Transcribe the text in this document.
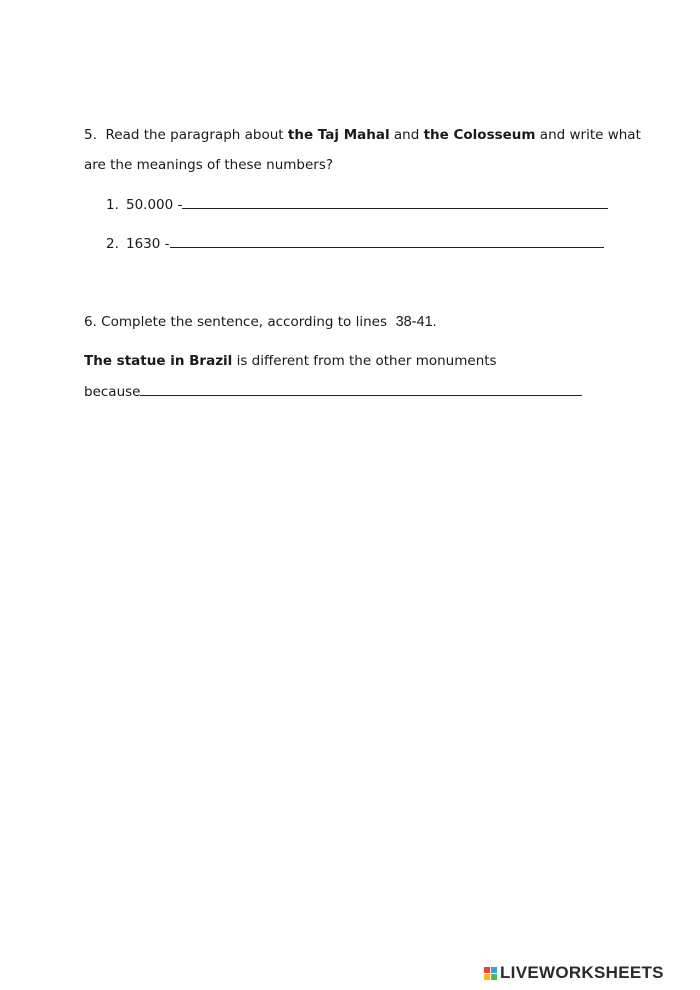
5. Read the paragraph about the Taj Mahal and the Colosseum and write what
are the meanings of these numbers?
1. 50.000 -
2. 1630 -
6. Complete the sentence, according to lines  38-41.
The statue in Brazil is different from the other monuments
because
LIVEWORKSHEETS
